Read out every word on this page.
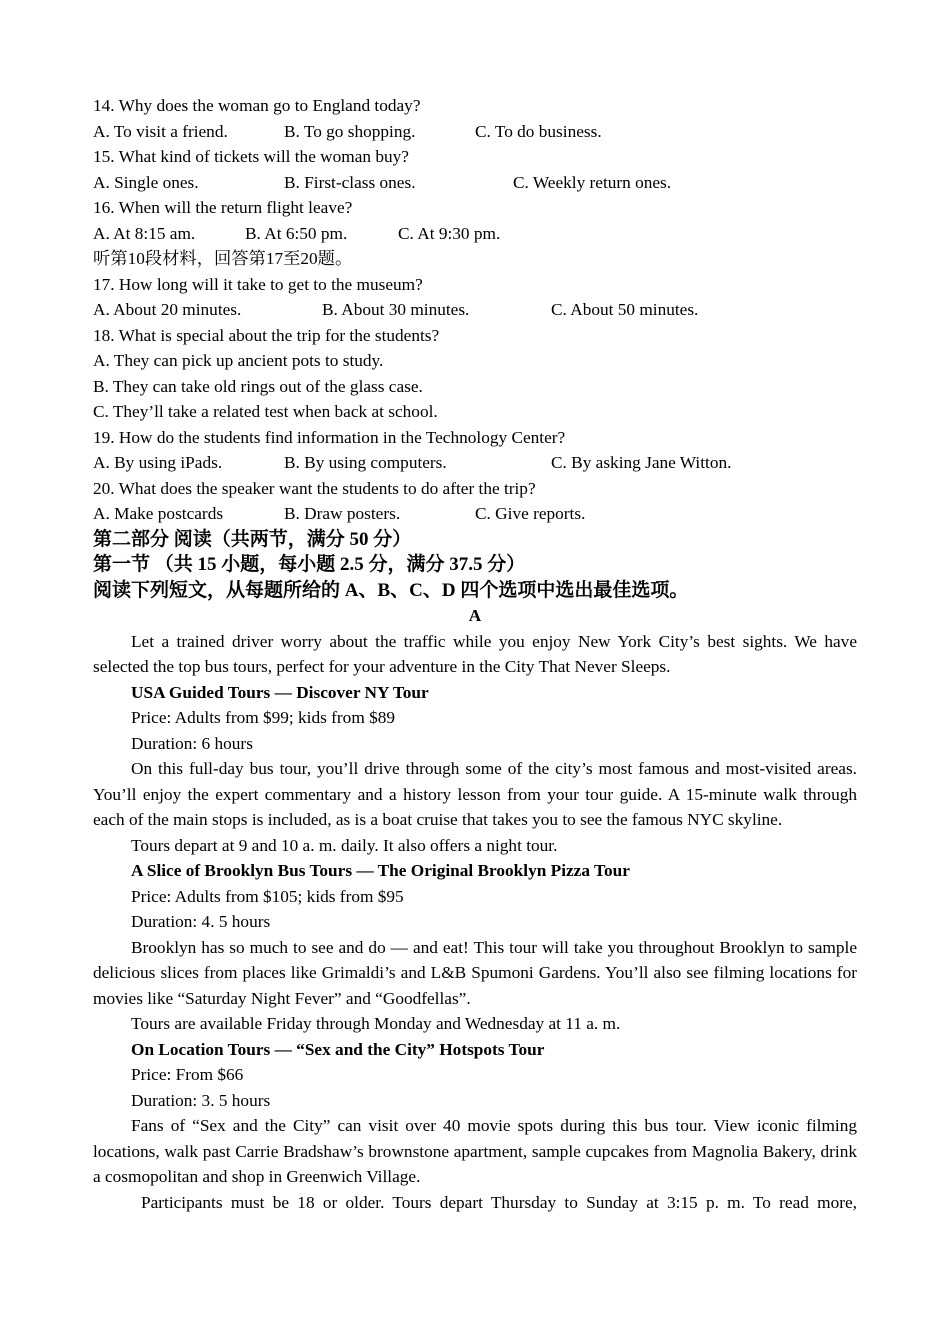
14. Why does the woman go to England today?
A. To visit a friend.	B. To go shopping.	C. To do business.
15. What kind of tickets will the woman buy?
A. Single ones.	B. First-class ones.	C. Weekly return ones.
16. When will the return flight leave?
A. At 8:15 am.	B. At 6:50 pm.	C. At 9:30 pm.
听第10段材料，回答第17至20题。
17. How long will it take to get to the museum?
A. About 20 minutes.	B. About 30 minutes.	C. About 50 minutes.
18. What is special about the trip for the students?
A. They can pick up ancient pots to study.
B. They can take old rings out of the glass case.
C. They’ll take a related test when back at school.
19. How do the students find information in the Technology Center?
A. By using iPads.	B. By using computers.	C. By asking Jane Witton.
20. What does the speaker want the students to do after the trip?
A. Make postcards	B. Draw posters.	C. Give reports.
第二部分 阅读（共两节，满分 50 分）
第一节 （共 15 小题，每小题 2.5 分，满分 37.5 分）
阅读下列短文，从每题所给的 A、B、C、D 四个选项中选出最佳选项。
A
Let a trained driver worry about the traffic while you enjoy New York City’s best sights. We have selected the top bus tours, perfect for your adventure in the City That Never Sleeps.
USA Guided Tours — Discover NY Tour
Price: Adults from $99; kids from $89
Duration: 6 hours
On this full-day bus tour, you’ll drive through some of the city’s most famous and most-visited areas. You’ll enjoy the expert commentary and a history lesson from your tour guide. A 15-minute walk through each of the main stops is included, as is a boat cruise that takes you to see the famous NYC skyline.
Tours depart at 9 and 10 a. m. daily. It also offers a night tour.
A Slice of Brooklyn Bus Tours — The Original Brooklyn Pizza Tour
Price: Adults from $105; kids from $95
Duration: 4. 5 hours
Brooklyn has so much to see and do — and eat! This tour will take you throughout Brooklyn to sample delicious slices from places like Grimaldi’s and L&B Spumoni Gardens. You’ll also see filming locations for movies like “Saturday Night Fever” and “Goodfellas”.
Tours are available Friday through Monday and Wednesday at 11 a. m.
On Location Tours — “Sex and the City” Hotspots Tour
Price: From $66
Duration: 3. 5 hours
Fans of “Sex and the City” can visit over 40 movie spots during this bus tour. View iconic filming locations, walk past Carrie Bradshaw’s brownstone apartment, sample cupcakes from Magnolia Bakery, drink a cosmopolitan and shop in Greenwich Village.
Participants must be 18 or older. Tours depart Thursday to Sunday at 3:15 p. m. To read more,
